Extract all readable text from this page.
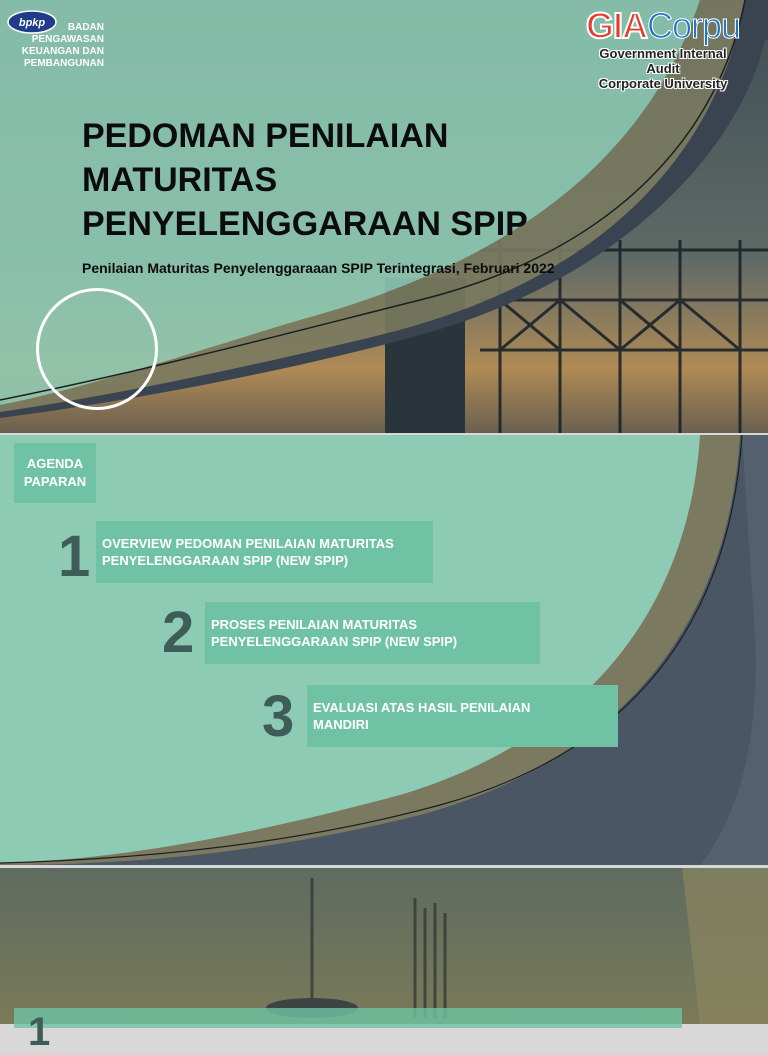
bpkp	BADAN
PENGAWASAN
KEUANGAN DAN
PEMBANGUNAN
GIACorpu
Government Internal Audit
Corporate University
PEDOMAN PENILAIAN
MATURITAS
PENYELENGGARAAN SPIP
Penilaian Maturitas Penyelenggaraaan SPIP Terintegrasi, Februari 2022
AGENDA
PAPARAN
1 OVERVIEW PEDOMAN PENILAIAN MATURITAS
PENYELENGGARAAN SPIP (NEW SPIP)
2 PROSES PENILAIAN MATURITAS
PENYELENGGARAAN SPIP (NEW SPIP)
3 EVALUASI ATAS HASIL PENILAIAN
MANDIRI
1
